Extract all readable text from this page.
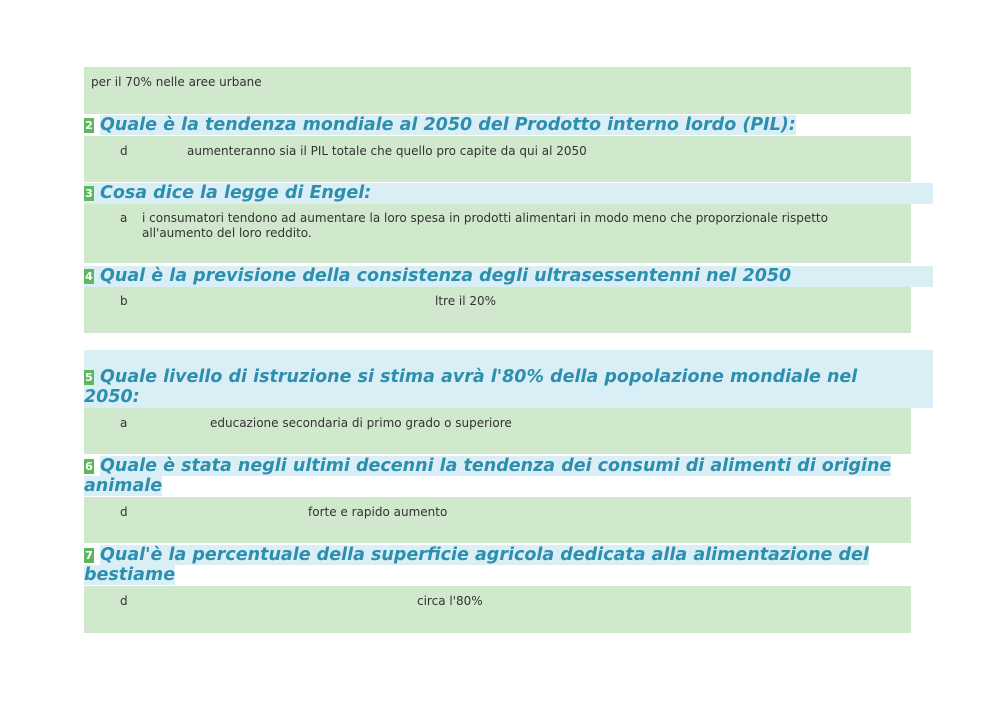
per il 70% nelle aree urbane
2 Quale è la tendenza mondiale al 2050 del Prodotto interno lordo (PIL):
d	aumenteranno sia il PIL totale che quello pro capite da qui al 2050
3 Cosa dice la legge di Engel:
a i consumatori tendono ad aumentare la loro spesa in prodotti alimentari in modo meno che proporzionale rispetto
all'aumento del loro reddito.
4 Qual è la previsione della consistenza degli ultrasessentenni nel 2050
b	ltre il 20%
5 Quale livello di istruzione si stima avrà l'80% della popolazione mondiale nel
2050:
a	educazione secondaria di primo grado o superiore
6 Quale è stata negli ultimi decenni la tendenza dei consumi di alimenti di origine
animale
d	forte e rapido aumento
7 Qual'è la percentuale della superficie agricola dedicata alla alimentazione del
bestiame
d	circa l'80%
